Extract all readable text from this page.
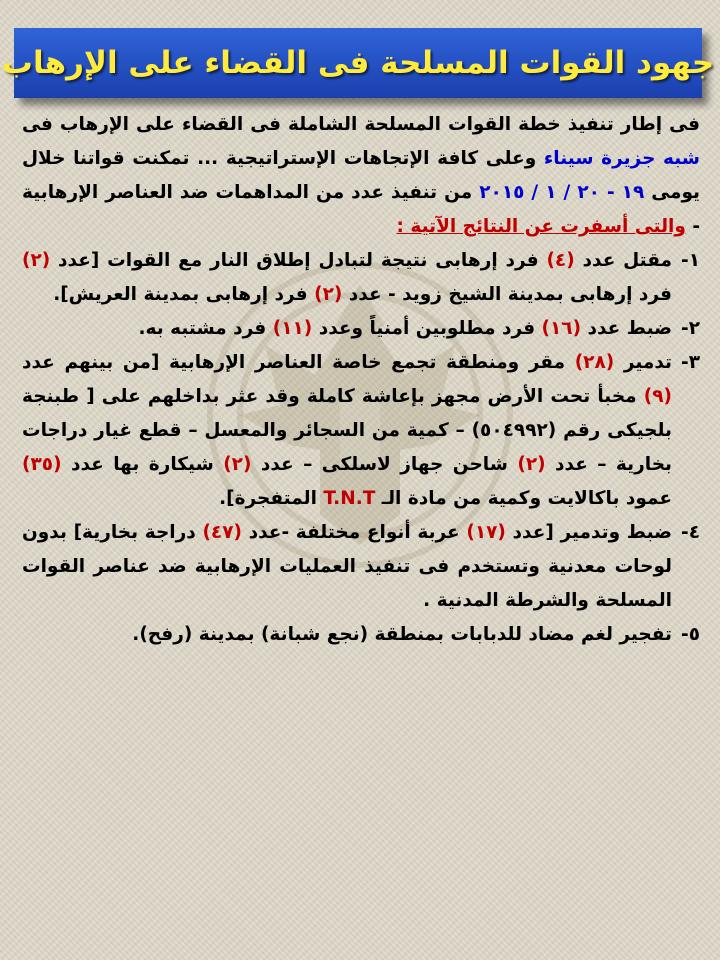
جهود القوات المسلحة فى القضاء على الإرهاب

فى إطار تنفيذ خطة القوات المسلحة الشاملة فى القضاء على الإرهاب فى شبه جزيرة سيناء وعلى كافة الإتجاهات الإستراتيجية ... تمكنت قواتنا خلال يومى ١٩ - ٢٠ / ١ / ٢٠١٥ من تنفيذ عدد من المداهمات ضد العناصر الإرهابية - والتى أسفرت عن النتائج الآتية :

١-
مقتل عدد (٤) فرد إرهابى نتيجة لتبادل إطلاق النار مع القوات [عدد (٢) فرد إرهابى بمدينة الشيخ زويد - عدد (٢) فرد إرهابى بمدينة العريش].
٢-
ضبط عدد (١٦) فرد مطلوبين أمنياً وعدد (١١) فرد مشتبه به.
٣-
تدمير (٢٨) مقر ومنطقة تجمع خاصة العناصر الإرهابية [من بينهم عدد (٩) مخبأ تحت الأرض مجهز بإعاشة كاملة وقد عثر بداخلهم على [ طبنجة بلجيكى رقم (٥٠٤٩٩٢) – كمية من السجائر والمعسل – قطع غيار دراجات بخارية – عدد (٢) شاحن جهاز لاسلكى – عدد (٢) شيكارة بها عدد (٣٥) عمود باكالايت وكمية من مادة الـ T.N.T المتفجرة].
٤-
ضبط وتدمير [عدد (١٧) عربة أنواع مختلفة -عدد (٤٧) دراجة بخارية] بدون لوحات معدنية وتستخدم فى تنفيذ العمليات الإرهابية ضد عناصر القوات المسلحة والشرطة المدنية .
٥-
تفجير لغم مضاد للدبابات بمنطقة (نجع شبانة) بمدينة (رفح).
